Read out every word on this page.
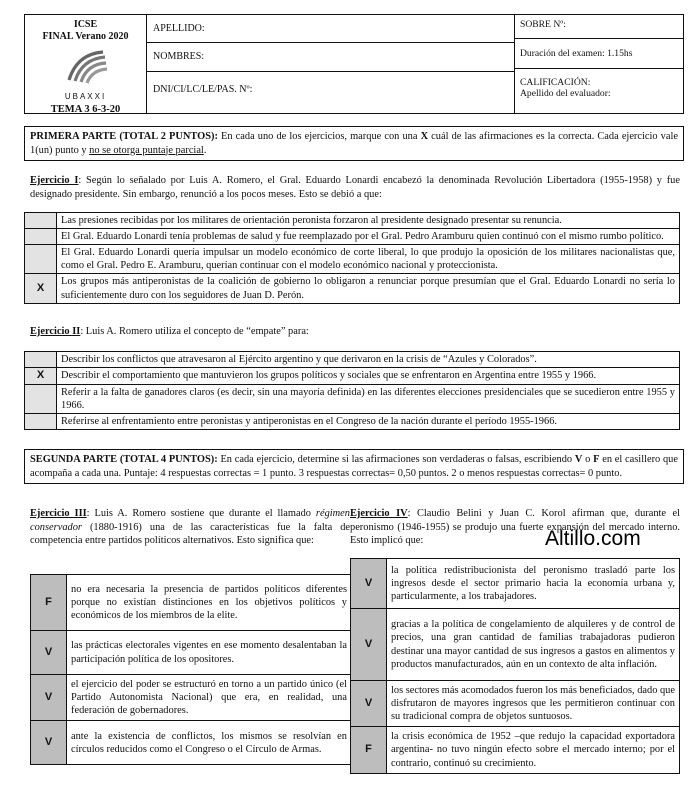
ICSE
FINAL Verano 2020
UBAXXI
TEMA 3 6-3-20
APELLIDO:
NOMBRES:
DNI/CI/LC/LE/PAS. Nº:
SOBRE Nº:
Duración del examen: 1.15hs
CALIFICACIÓN:
Apellido del evaluador:
PRIMERA PARTE (TOTAL 2 PUNTOS): En cada uno de los ejercicios, marque con una X cuál de las afirmaciones es la correcta. Cada ejercicio vale 1(un) punto y no se otorga puntaje parcial.
Ejercicio I: Según lo señalado por Luis A. Romero, el Gral. Eduardo Lonardi encabezó la denominada Revolución Libertadora (1955-1958) y fue designado presidente. Sin embargo, renunció a los pocos meses. Esto se debió a que:
	Las presiones recibidas por los militares de orientación peronista forzaron al presidente designado presentar su renuncia.
	El Gral. Eduardo Lonardi tenía problemas de salud y fue reemplazado por el Gral. Pedro Aramburu quien continuó con el mismo rumbo político.
	El Gral. Eduardo Lonardi quería impulsar un modelo económico de corte liberal, lo que produjo la oposición de los militares nacionalistas que, como el Gral. Pedro E. Aramburu, querían continuar con el modelo económico nacional y proteccionista.
X	Los grupos más antiperonistas de la coalición de gobierno lo obligaron a renunciar porque presumían que el Gral. Eduardo Lonardi no sería lo suficientemente duro con los seguidores de Juan D. Perón.
Ejercicio II: Luis A. Romero utiliza el concepto de “empate” para:
	Describir los conflictos que atravesaron al Ejército argentino y que derivaron en la crisis de “Azules y Colorados”.
X	Describir el comportamiento que mantuvieron los grupos políticos y sociales que se enfrentaron en Argentina entre 1955 y 1966.
	Referir a la falta de ganadores claros (es decir, sin una mayoría definida) en las diferentes elecciones presidenciales que se sucedieron entre 1955 y 1966.
	Referirse al enfrentamiento entre peronistas y antiperonistas en el Congreso de la nación durante el período 1955-1966.
SEGUNDA PARTE (TOTAL 4 PUNTOS): En cada ejercicio, determine si las afirmaciones son verdaderas o falsas, escribiendo V o F en el casillero que acompaña a cada una. Puntaje: 4 respuestas correctas = 1 punto. 3 respuestas correctas= 0,50 puntos. 2 o menos respuestas correctas= 0 punto.
Ejercicio III: Luis A. Romero sostiene que durante el llamado régimen conservador (1880-1916) una de las características fue la falta de competencia entre partidos políticos alternativos. Esto significa que:
F	no era necesaria la presencia de partidos políticos diferentes porque no existían distinciones en los objetivos políticos y económicos de los miembros de la elite.
V	las prácticas electorales vigentes en ese momento desalentaban la participación política de los opositores.
V	el ejercicio del poder se estructuró en torno a un partido único (el Partido Autonomista Nacional) que era, en realidad, una federación de gobernadores.
V	ante la existencia de conflictos, los mismos se resolvían en círculos reducidos como el Congreso o el Círculo de Armas.
Ejercicio IV: Claudio Belini y Juan C. Korol afirman que, durante el peronismo (1946-1955) se produjo una fuerte expansión del mercado interno. Esto implicó que:	Altillo.com
V	la política redistribucionista del peronismo trasladó parte los ingresos desde el sector primario hacia la economía urbana y, particularmente, a los trabajadores.
V	gracias a la política de congelamiento de alquileres y de control de precios, una gran cantidad de familias trabajadoras pudieron destinar una mayor cantidad de sus ingresos a gastos en alimentos y productos manufacturados, aún en un contexto de alta inflación.
V	los sectores más acomodados fueron los más beneficiados, dado que disfrutaron de mayores ingresos que les permitieron continuar con su tradicional compra de objetos suntuosos.
F	la crisis económica de 1952 –que redujo la capacidad exportadora argentina- no tuvo ningún efecto sobre el mercado interno; por el contrario, continuó su crecimiento.
